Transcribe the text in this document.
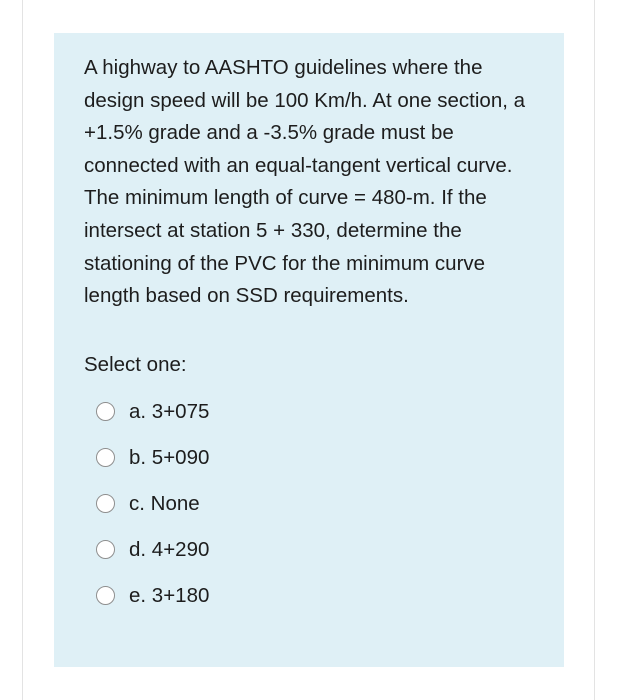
A highway to AASHTO guidelines where the design speed will be 100 Km/h. At one section, a +1.5% grade and a -3.5% grade must be connected with an equal-tangent vertical curve. The minimum length of curve = 480-m. If the intersect at station 5 + 330, determine the stationing of the PVC for the minimum curve length based on SSD requirements.

Select one:
a. 3+075
b. 5+090
c. None
d. 4+290
e. 3+180
